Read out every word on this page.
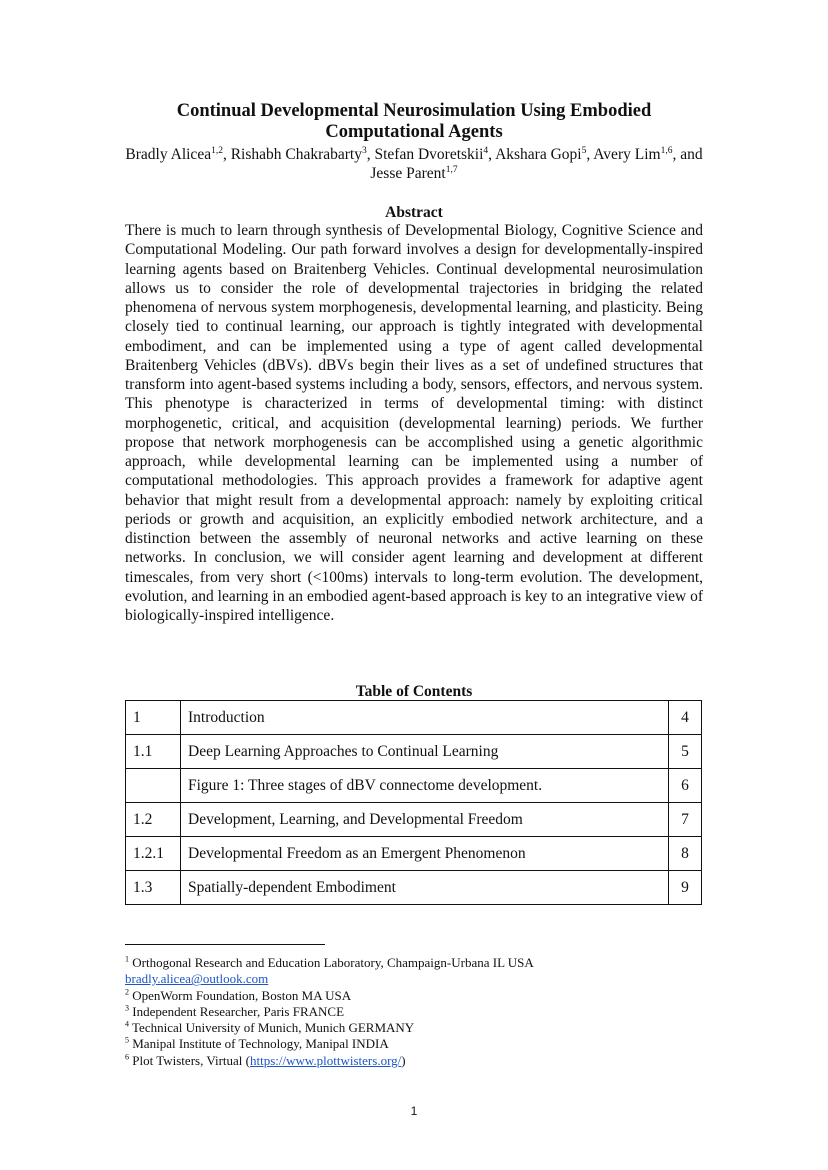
Continual Developmental Neurosimulation Using Embodied
Computational Agents
Bradly Alicea$^{1,2}$, Rishabh Chakrabarty$^3$, Stefan Dvoretskii$^4$, Akshara Gopi$^5$, Avery Lim$^{1,6}$, and Jesse Parent$^{1,7}$
Abstract
There is much to learn through synthesis of Developmental Biology, Cognitive Science and Computational Modeling. Our path forward involves a design for developmentally-inspired learning agents based on Braitenberg Vehicles. Continual developmental neurosimulation allows us to consider the role of developmental trajectories in bridging the related phenomena of nervous system morphogenesis, developmental learning, and plasticity. Being closely tied to continual learning, our approach is tightly integrated with developmental embodiment, and can be implemented using a type of agent called developmental Braitenberg Vehicles (dBVs). dBVs begin their lives as a set of undefined structures that transform into agent-based systems including a body, sensors, effectors, and nervous system. This phenotype is characterized in terms of developmental timing: with distinct morphogenetic, critical, and acquisition (developmental learning) periods. We further propose that network morphogenesis can be accomplished using a genetic algorithmic approach, while developmental learning can be implemented using a number of computational methodologies. This approach provides a framework for adaptive agent behavior that might result from a developmental approach: namely by exploiting critical periods or growth and acquisition, an explicitly embodied network architecture, and a distinction between the assembly of neuronal networks and active learning on these networks. In conclusion, we will consider agent learning and development at different timescales, from very short (<100ms) intervals to long-term evolution. The development, evolution, and learning in an embodied agent-based approach is key to an integrative view of biologically-inspired intelligence.
Table of Contents
1	Introduction	4
1.1	Deep Learning Approaches to Continual Learning	5
	Figure 1: Three stages of dBV connectome development.	6
1.2	Development, Learning, and Developmental Freedom	7
1.2.1	Developmental Freedom as an Emergent Phenomenon	8
1.3	Spatially-dependent Embodiment	9
$^1$ Orthogonal Research and Education Laboratory, Champaign-Urbana IL USA
bradly.alicea@outlook.com
$^2$ OpenWorm Foundation, Boston MA USA
$^3$ Independent Researcher, Paris FRANCE
$^4$ Technical University of Munich, Munich GERMANY
$^5$ Manipal Institute of Technology, Manipal INDIA
$^6$ Plot Twisters, Virtual (https://www.plottwisters.org/)
1
